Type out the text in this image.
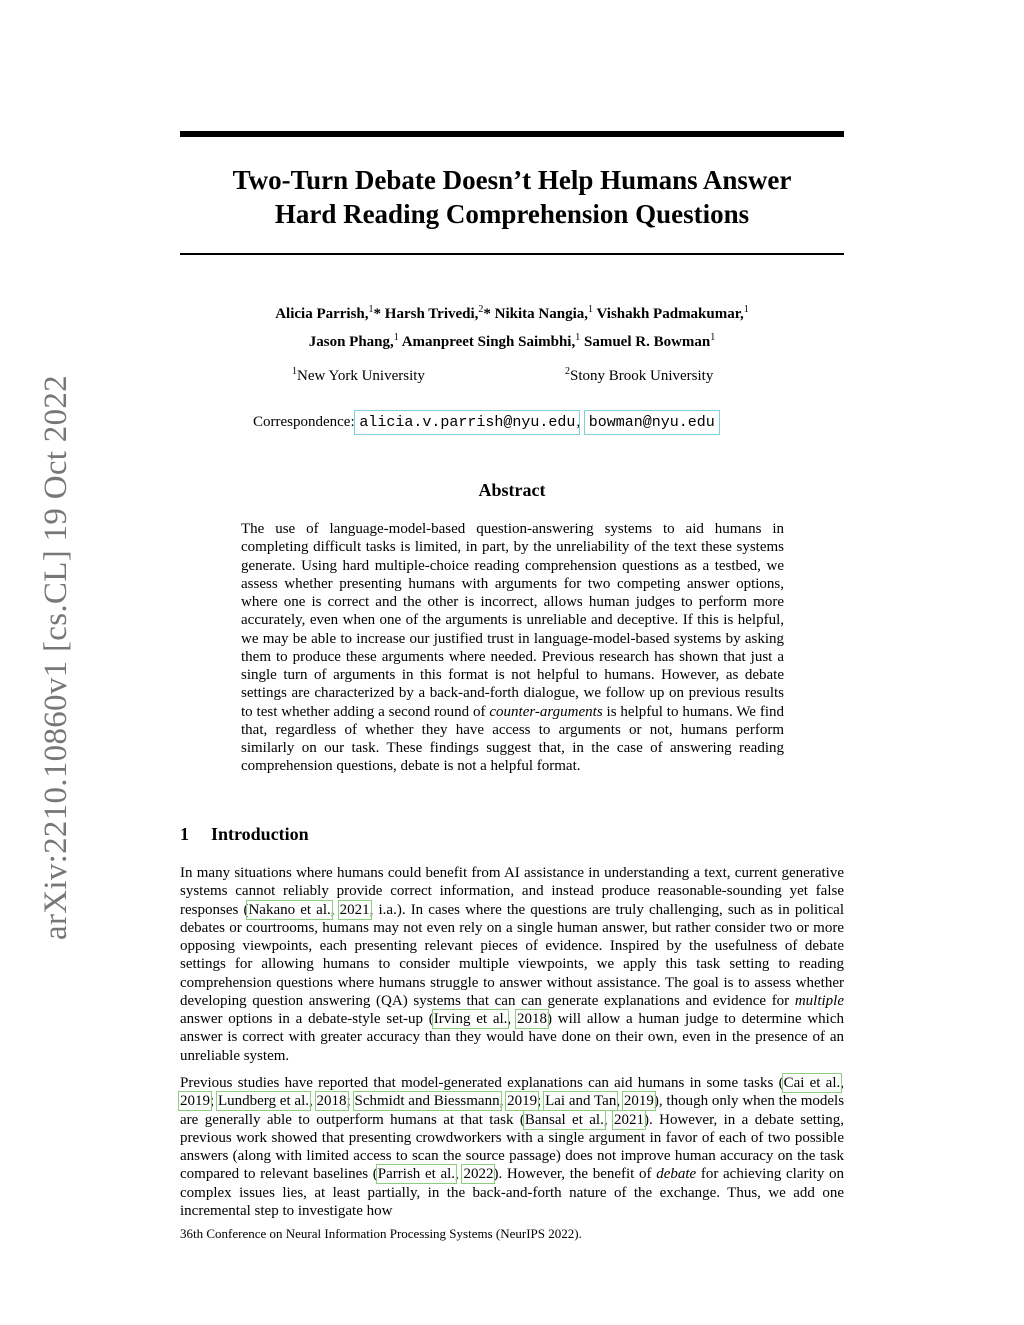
arXiv:2210.10860v1 [cs.CL] 19 Oct 2022
Two-Turn Debate Doesn’t Help Humans Answer
Hard Reading Comprehension Questions
Alicia Parrish,$^1$* Harsh Trivedi,$^2$* Nikita Nangia,$^1$ Vishakh Padmakumar,$^1$
Jason Phang,$^1$ Amanpreet Singh Saimbhi,$^1$ Samuel R. Bowman$^1$
$^1$New York University	$^2$Stony Brook University
Correspondence: alicia.v.parrish@nyu.edu, bowman@nyu.edu
Abstract
The use of language-model-based question-answering systems to aid humans in completing difficult tasks is limited, in part, by the unreliability of the text these systems generate. Using hard multiple-choice reading comprehension questions as a testbed, we assess whether presenting humans with arguments for two competing answer options, where one is correct and the other is incorrect, allows human judges to perform more accurately, even when one of the arguments is unreliable and deceptive. If this is helpful, we may be able to increase our justified trust in language-model-based systems by asking them to produce these arguments where needed. Previous research has shown that just a single turn of arguments in this format is not helpful to humans. However, as debate settings are characterized by a back-and-forth dialogue, we follow up on previous results to test whether adding a second round of counter-arguments is helpful to humans. We find that, regardless of whether they have access to arguments or not, humans perform similarly on our task. These findings suggest that, in the case of answering reading comprehension questions, debate is not a helpful format.
1 Introduction
In many situations where humans could benefit from AI assistance in understanding a text, current generative systems cannot reliably provide correct information, and instead produce reasonable-sounding yet false responses (Nakano et al., 2021, i.a.). In cases where the questions are truly challenging, such as in political debates or courtrooms, humans may not even rely on a single human answer, but rather consider two or more opposing viewpoints, each presenting relevant pieces of evidence. Inspired by the usefulness of debate settings for allowing humans to consider multiple viewpoints, we apply this task setting to reading comprehension questions where humans struggle to answer without assistance. The goal is to assess whether developing question answering (QA) systems that can can generate explanations and evidence for multiple answer options in a debate-style set-up (Irving et al., 2018) will allow a human judge to determine which answer is correct with greater accuracy than they would have done on their own, even in the presence of an unreliable system.
Previous studies have reported that model-generated explanations can aid humans in some tasks (Cai et al., 2019; Lundberg et al., 2018; Schmidt and Biessmann, 2019; Lai and Tan, 2019), though only when the models are generally able to outperform humans at that task (Bansal et al., 2021). However, in a debate setting, previous work showed that presenting crowdworkers with a single argument in favor of each of two possible answers (along with limited access to scan the source passage) does not improve human accuracy on the task compared to relevant baselines (Parrish et al., 2022). However, the benefit of debate for achieving clarity on complex issues lies, at least partially, in the back-and-forth nature of the exchange. Thus, we add one incremental step to investigate how
36th Conference on Neural Information Processing Systems (NeurIPS 2022).
